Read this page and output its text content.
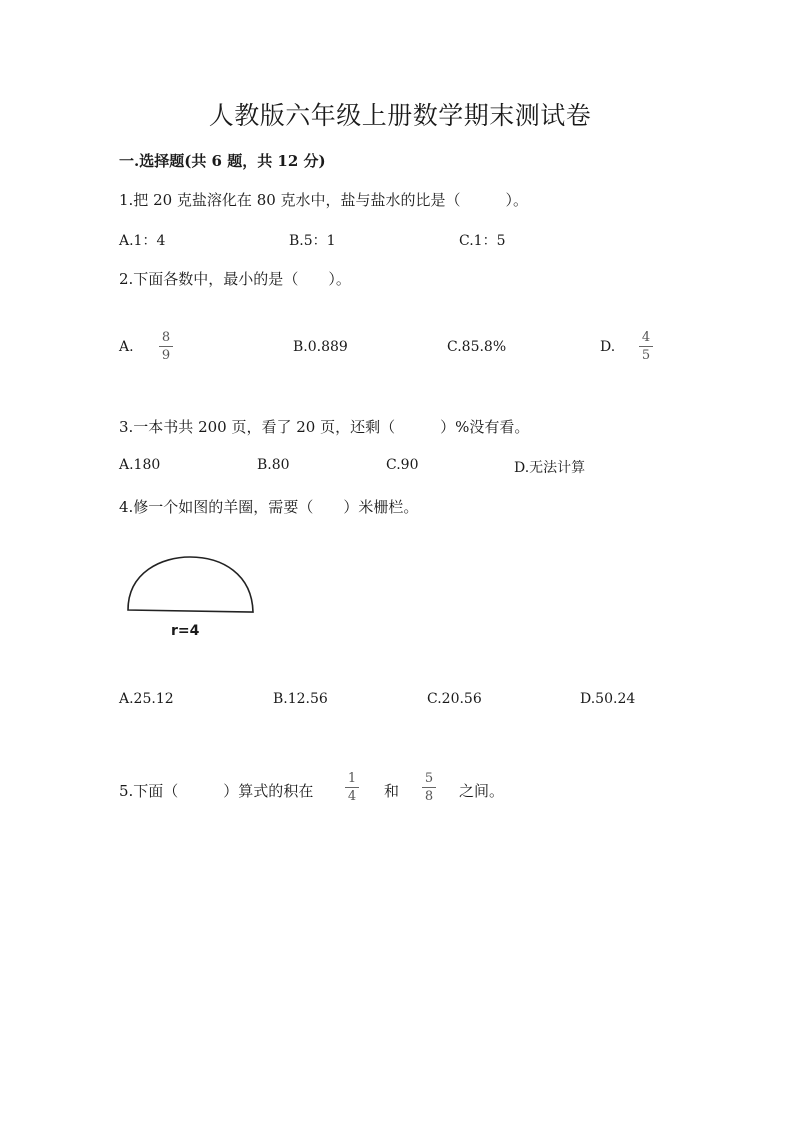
人教版六年级上册数学期末测试卷
一.选择题(共 6 题，共 12 分)
1.把 20 克盐溶化在 80 克水中，盐与盐水的比是（　　　）。
A.1：4	B.5：1	C.1：5
2.下面各数中，最小的是（　　）。
A.
8
9
B.0.889	C.85.8%	D.
4
5
3.一本书共 200 页，看了 20 页，还剩（　　　）%没有看。
A.180	B.80	C.90	D.无法计算
4.修一个如图的羊圈，需要（　　）米栅栏。
r=4
A.25.12	B.12.56	C.20.56	D.50.24
5.下面（　　　）算式的积在
1
4 和
5
8 之间。
